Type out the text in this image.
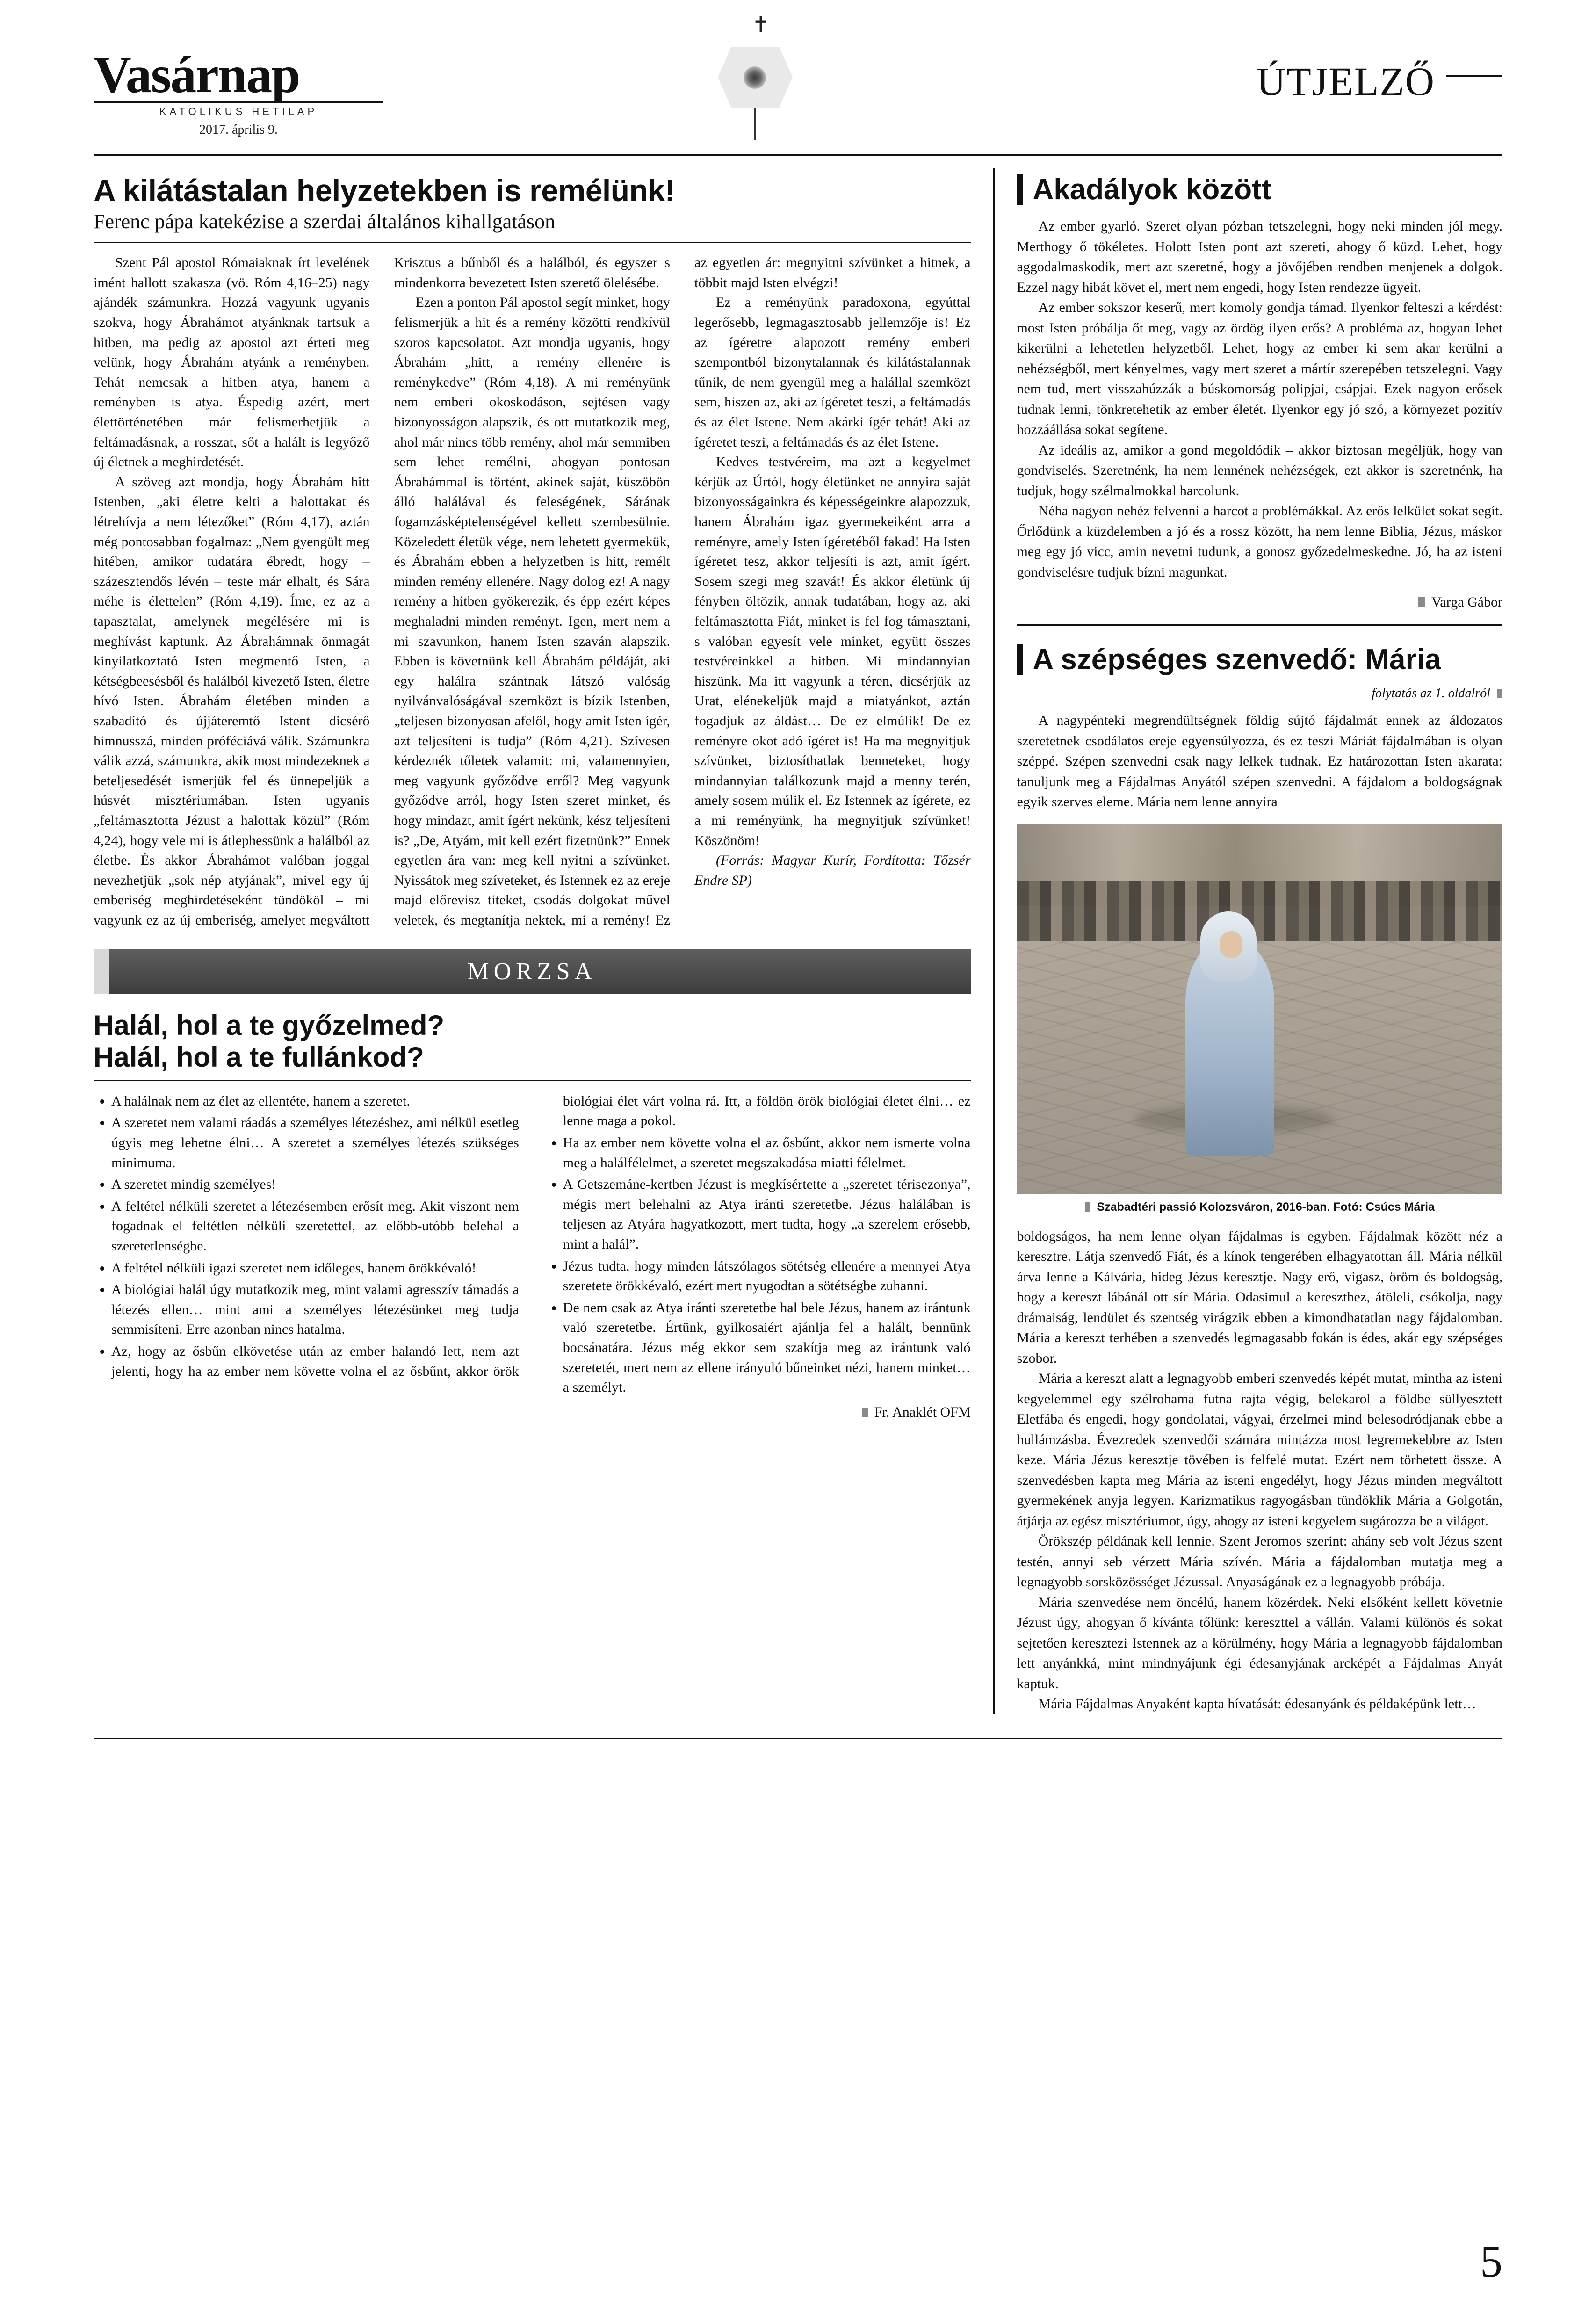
Vasárnap
KATOLIKUS HETILAP
2017. április 9.
✝
ÚTJELZŐ
A kilátástalan helyzetekben is remélünk!
Ferenc pápa katekézise a szerdai általános kihallgatáson

Szent Pál apostol Rómaiaknak írt levelének imént hallott szakasza (vö. Róm 4,16–25) nagy ajándék számunkra. Hozzá vagyunk ugyanis szokva, hogy Ábrahámot atyánknak tartsuk a hitben, ma pedig az apostol azt érteti meg velünk, hogy Ábrahám atyánk a reményben. Tehát nemcsak a hitben atya, hanem a reményben is atya. Éspedig azért, mert élettörténetében már felismerhetjük a feltámadásnak, a rosszat, sőt a halált is legyőző új életnek a meghirdetését.

A szöveg azt mondja, hogy Ábrahám hitt Istenben, „aki életre kelti a halottakat és létrehívja a nem létezőket” (Róm 4,17), aztán még pontosabban fogalmaz: „Nem gyengült meg hitében, amikor tudatára ébredt, hogy – százesztendős lévén – teste már elhalt, és Sára méhe is élettelen” (Róm 4,19). Íme, ez az a tapasztalat, amelynek megélésére mi is meghívást kaptunk. Az Ábrahámnak önmagát kinyilatkoztató Isten megmentő Isten, a kétségbeesésből és halálból kivezető Isten, életre hívó Isten. Ábrahám életében minden a szabadító és újjáteremtő Istent dicsérő himnusszá, minden próféciává válik. Számunkra válik azzá, számunkra, akik most mindezeknek a beteljesedését ismerjük fel és ünnepeljük a húsvét misztériumában. Isten ugyanis „feltámasztotta Jézust a halottak közül” (Róm 4,24), hogy vele mi is átlephessünk a halálból az életbe. És akkor Ábrahámot valóban joggal nevezhetjük „sok nép atyjának”, mivel egy új emberiség meghirdetéseként tündököl – mi vagyunk ez az új emberiség, amelyet megváltott Krisztus a bűnből és a halálból, és egyszer s mindenkorra bevezetett Isten szerető ölelésébe.

Ezen a ponton Pál apostol segít minket, hogy felismerjük a hit és a remény közötti rendkívül szoros kapcsolatot. Azt mondja ugyanis, hogy Ábrahám „hitt, a remény ellenére is reménykedve” (Róm 4,18). A mi reményünk nem emberi okoskodáson, sejtésen vagy bizonyosságon alapszik, és ott mutatkozik meg, ahol már nincs több remény, ahol már semmiben sem lehet remélni, ahogyan pontosan Ábrahámmal is történt, akinek saját, küszöbön álló halálával és feleségének, Sárának fogamzásképtelenségével kellett szembesülnie. Közeledett életük vége, nem lehetett gyermekük, és Ábrahám ebben a helyzetben is hitt, remélt minden remény ellenére. Nagy dolog ez! A nagy remény a hitben gyökerezik, és épp ezért képes meghaladni minden reményt. Igen, mert nem a mi szavunkon, hanem Isten szaván alapszik. Ebben is követnünk kell Ábrahám példáját, aki egy halálra szántnak látszó valóság nyilvánvalóságával szemközt is bízik Istenben, „teljesen bizonyosan afelől, hogy amit Isten ígér, azt teljesíteni is tudja” (Róm 4,21). Szívesen kérdeznék tőletek valamit: mi, valamennyien, meg vagyunk győződve erről? Meg vagyunk győződve arról, hogy Isten szeret minket, és hogy mindazt, amit ígért nekünk, kész teljesíteni is? „De, Atyám, mit kell ezért fizetnünk?” Ennek egyetlen ára van: meg kell nyitni a szívünket. Nyissátok meg szíveteket, és Istennek ez az ereje majd előrevisz titeket, csodás dolgokat művel veletek, és megtanítja nektek, mi a remény! Ez az egyetlen ár: megnyitni szívünket a hitnek, a többit majd Isten elvégzi!

Ez a reményünk paradoxona, egyúttal legerősebb, legmagasztosabb jellemzője is! Ez az ígéretre alapozott remény emberi szempontból bizonytalannak és kilátástalannak tűnik, de nem gyengül meg a halállal szemközt sem, hiszen az, aki az ígéretet teszi, a feltámadás és az élet Istene. Nem akárki ígér tehát! Aki az ígéretet teszi, a feltámadás és az élet Istene.

Kedves testvéreim, ma azt a kegyelmet kérjük az Úrtól, hogy életünket ne annyira saját bizonyosságainkra és képességeinkre alapozzuk, hanem Ábrahám igaz gyermekeiként arra a reményre, amely Isten ígéretéből fakad! Ha Isten ígéretet tesz, akkor teljesíti is azt, amit ígért. Sosem szegi meg szavát! És akkor életünk új fényben öltözik, annak tudatában, hogy az, aki feltámasztotta Fiát, minket is fel fog támasztani, s valóban egyesít vele minket, együtt összes testvéreinkkel a hitben. Mi mindannyian hiszünk. Ma itt vagyunk a téren, dicsérjük az Urat, elénekeljük majd a miatyánkot, aztán fogadjuk az áldást… De ez elmúlik! De ez reményre okot adó ígéret is! Ha ma megnyitjuk szívünket, biztosíthatlak benneteket, hogy mindannyian találkozunk majd a menny terén, amely sosem múlik el. Ez Istennek az ígérete, ez a mi reményünk, ha megnyitjuk szívünket! Köszönöm!

(Forrás: Magyar Kurír, Fordította: Tőzsér Endre SP)

MORZSA
Halál, hol a te győzelmed?
Halál, hol a te fullánkod?
• A halálnak nem az élet az ellentéte, hanem a szeretet.
• A szeretet nem valami ráadás a személyes létezéshez, ami nélkül esetleg úgyis meg lehetne élni… A szeretet a személyes létezés szükséges minimuma.
• A szeretet mindig személyes!
• A feltétel nélküli szeretet a létezésemben erősít meg. Akit viszont nem fogadnak el feltétlen nélküli szeretettel, az előbb-utóbb belehal a szeretetlenségbe.
• A feltétel nélküli igazi szeretet nem időleges, hanem örökkévaló!
• A biológiai halál úgy mutatkozik meg, mint valami agresszív támadás a létezés ellen… mint ami a személyes létezésünket meg tudja semmisíteni. Erre azonban nincs hatalma.
• Az, hogy az ősbűn elkövetése után az ember halandó lett, nem azt jelenti, hogy ha az ember nem követte volna el az ősbűnt, akkor örök biológiai élet várt volna rá. Itt, a földön örök biológiai életet élni… ez lenne maga a pokol.
• Ha az ember nem követte volna el az ősbűnt, akkor nem ismerte volna meg a halálfélelmet, a szeretet megszakadása miatti félelmet.
• A Getszemáne-kertben Jézust is megkísértette a „szeretet térisezonya”, mégis mert belehalni az Atya iránti szeretetbe. Jézus halálában is teljesen az Atyára hagyatkozott, mert tudta, hogy „a szerelem erősebb, mint a halál”.
• Jézus tudta, hogy minden látszólagos sötétség ellenére a mennyei Atya szeretete örökkévaló, ezért mert nyugodtan a sötétségbe zuhanni.
• De nem csak az Atya iránti szeretetbe hal bele Jézus, hanem az irántunk való szeretetbe. Értünk, gyilkosaiért ajánlja fel a halált, bennünk bocsánatára. Jézus még ekkor sem szakítja meg az irántunk való szeretetét, mert nem az ellene irányuló bűneinket nézi, hanem minket… a személyt.
Fr. Anaklét OFM
Akadályok között

Az ember gyarló. Szeret olyan pózban tetszelegni, hogy neki minden jól megy. Merthogy ő tökéletes. Holott Isten pont azt szereti, ahogy ő küzd. Lehet, hogy aggodalmaskodik, mert azt szeretné, hogy a jövőjében rendben menjenek a dolgok. Ezzel nagy hibát követ el, mert nem engedi, hogy Isten rendezze ügyeit.

Az ember sokszor keserű, mert komoly gondja támad. Ilyenkor felteszi a kérdést: most Isten próbálja őt meg, vagy az ördög ilyen erős? A probléma az, hogyan lehet kikerülni a lehetetlen helyzetből. Lehet, hogy az ember ki sem akar kerülni a nehézségből, mert kényelmes, vagy mert szeret a mártír szerepében tetszelegni. Vagy nem tud, mert visszahúzzák a búskomorság polipjai, csápjai. Ezek nagyon erősek tudnak lenni, tönkretehetik az ember életét. Ilyenkor egy jó szó, a környezet pozitív hozzáállása sokat segítene.

Az ideális az, amikor a gond megoldódik – akkor biztosan megéljük, hogy van gondviselés. Szeretnénk, ha nem lennének nehézségek, ezt akkor is szeretnénk, ha tudjuk, hogy szélmalmokkal harcolunk.

Néha nagyon nehéz felvenni a harcot a problémákkal. Az erős lelkület sokat segít. Őrlődünk a küzdelemben a jó és a rossz között, ha nem lenne Biblia, Jézus, máskor meg egy jó vicc, amin nevetni tudunk, a gonosz győzedelmeskedne. Jó, ha az isteni gondviselésre tudjuk bízni magunkat.

Varga Gábor
A szépséges szenvedő: Mária
folytatás az 1. oldalról

A nagypénteki megrendültségnek földig sújtó fájdalmát ennek az áldozatos szeretetnek csodálatos ereje egyensúlyozza, és ez teszi Máriát fájdalmában is olyan széppé. Szépen szenvedni csak nagy lelkek tudnak. Ez határozottan Isten akarata: tanuljunk meg a Fájdalmas Anyától szépen szenvedni. A fájdalom a boldogságnak egyik szerves eleme. Mária nem lenne annyira

Szabadtéri passió Kolozsváron, 2016-ban. Fotó: Csúcs Mária

boldogságos, ha nem lenne olyan fájdalmas is egyben. Fájdalmak között néz a keresztre. Látja szenvedő Fiát, és a kínok tengerében elhagyatottan áll. Mária nélkül árva lenne a Kálvária, hideg Jézus keresztje. Nagy erő, vigasz, öröm és boldogság, hogy a kereszt lábánál ott sír Mária. Odasimul a kereszthez, átöleli, csókolja, nagy drámaiság, lendület és szentség virágzik ebben a kimondhatatlan nagy fájdalomban. Mária a kereszt terhében a szenvedés legmagasabb fokán is édes, akár egy szépséges szobor.

Mária a kereszt alatt a legnagyobb emberi szenvedés képét mutat, mintha az isteni kegyelemmel egy szélrohama futna rajta végig, belekarol a földbe süllyesztett Eletfába és engedi, hogy gondolatai, vágyai, érzelmei mind belesodródjanak ebbe a hullámzásba. Évezredek szenvedői számára mintázza most legremekebbre az Isten keze. Mária Jézus keresztje tövében is felfelé mutat. Ezért nem törhetett össze. A szenvedésben kapta meg Mária az isteni engedélyt, hogy Jézus minden megváltott gyermekének anyja legyen. Karizmatikus ragyogásban tündöklik Mária a Golgotán, átjárja az egész misztériumot, úgy, ahogy az isteni kegyelem sugározza be a világot.

Örökszép példának kell lennie. Szent Jeromos szerint: ahány seb volt Jézus szent testén, annyi seb vérzett Mária szívén. Mária a fájdalomban mutatja meg a legnagyobb sorsközösséget Jézussal. Anyaságának ez a legnagyobb próbája.

Mária szenvedése nem öncélú, hanem közérdek. Neki elsőként kellett követnie Jézust úgy, ahogyan ő kívánta tőlünk: kereszttel a vállán. Valami különös és sokat sejtetően keresztezi Istennek az a körülmény, hogy Mária a legnagyobb fájdalomban lett anyánkká, mint mindnyájunk égi édesanyjának arcképét a Fájdalmas Anyát kaptuk.

Mária Fájdalmas Anyaként kapta hívatását: édesanyánk és példaképünk lett…

5
